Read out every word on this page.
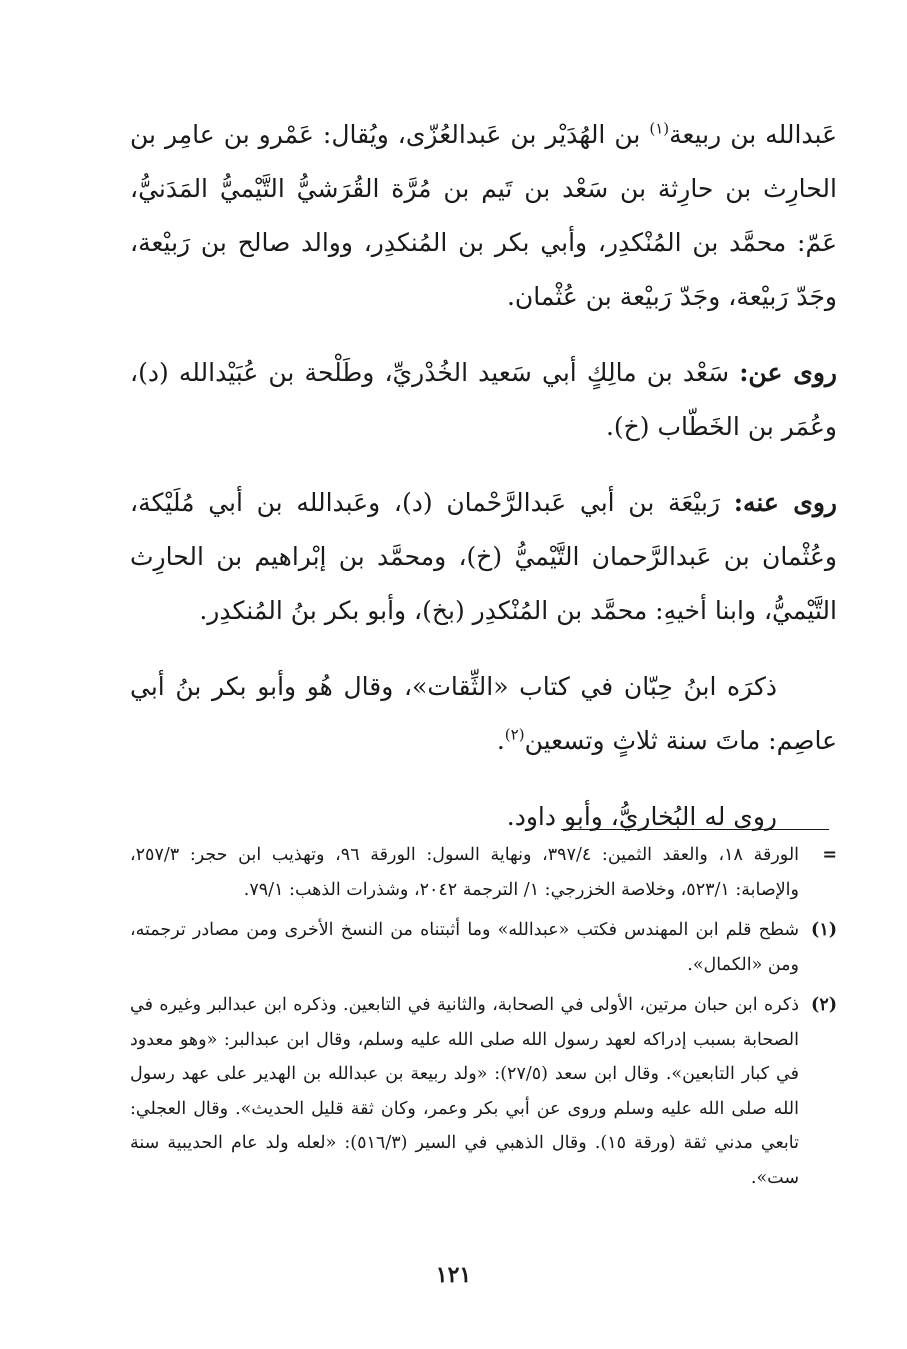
عَبدالله بن ربيعة$^{(١)}$ بن الهُدَيْر بن عَبدالعُزّى، ويُقال: عَمْرو بن عامِر بن الحارِث بن حارِثة بن سَعْد بن تَيم بن مُرَّة القُرَشيُّ التَّيْميُّ المَدَنيُّ، عَمّ: محمَّد بن المُنْكدِر، وأبي بكر بن المُنكدِر، ووالد صالح بن رَبيْعة، وجَدّ رَبيْعة، وجَدّ رَبيْعة بن عُثْمان.

روى عن: سَعْد بن مالِكٍ أبي سَعيد الخُدْريِّ، وطَلْحة بن عُبَيْدالله (د)، وعُمَر بن الخَطّاب (خ).

روى عنه: رَبيْعَة بن أبي عَبدالرَّحْمان (د)، وعَبدالله بن أبي مُلَيْكة، وعُثْمان بن عَبدالرَّحمان التَّيْميُّ (خ)، ومحمَّد بن إبْراهيم بن الحارِث التَّيْميُّ، وابنا أخيهِ: محمَّد بن المُنْكدِر (بخ)، وأبو بكر بنُ المُنكدِر.

ذكرَه ابنُ حِبّان في كتاب «الثِّقات»، وقال هُو وأبو بكر بنُ أبي عاصِم: ماتَ سنة ثلاثٍ وتسعين$^{(٢)}$.

روى له البُخاريُّ، وأبو داود.

=
الورقة ١٨، والعقد الثمين: ٣٩٧/٤، ونهاية السول: الورقة ٩٦، وتهذيب ابن حجر: ٢٥٧/٣، والإصابة: ٥٢٣/١، وخلاصة الخزرجي: ١/ الترجمة ٢٠٤٢، وشذرات الذهب: ٧٩/١.
(١)
شطح قلم ابن المهندس فكتب «عبدالله» وما أثبتناه من النسخ الأخرى ومن مصادر ترجمته، ومن «الكمال».
(٢)
ذكره ابن حبان مرتين، الأولى في الصحابة، والثانية في التابعين. وذكره ابن عبدالبر وغيره في الصحابة بسبب إدراكه لعهد رسول الله صلى الله عليه وسلم، وقال ابن عبدالبر: «وهو معدود في كبار التابعين». وقال ابن سعد (٢٧/٥): «ولد ربيعة بن عبدالله بن الهدير على عهد رسول الله صلى الله عليه وسلم وروى عن أبي بكر وعمر، وكان ثقة قليل الحديث». وقال العجلي: تابعي مدني ثقة (ورقة ١٥). وقال الذهبي في السير (٥١٦/٣): «لعله ولد عام الحديبية سنة ست».
١٢١
